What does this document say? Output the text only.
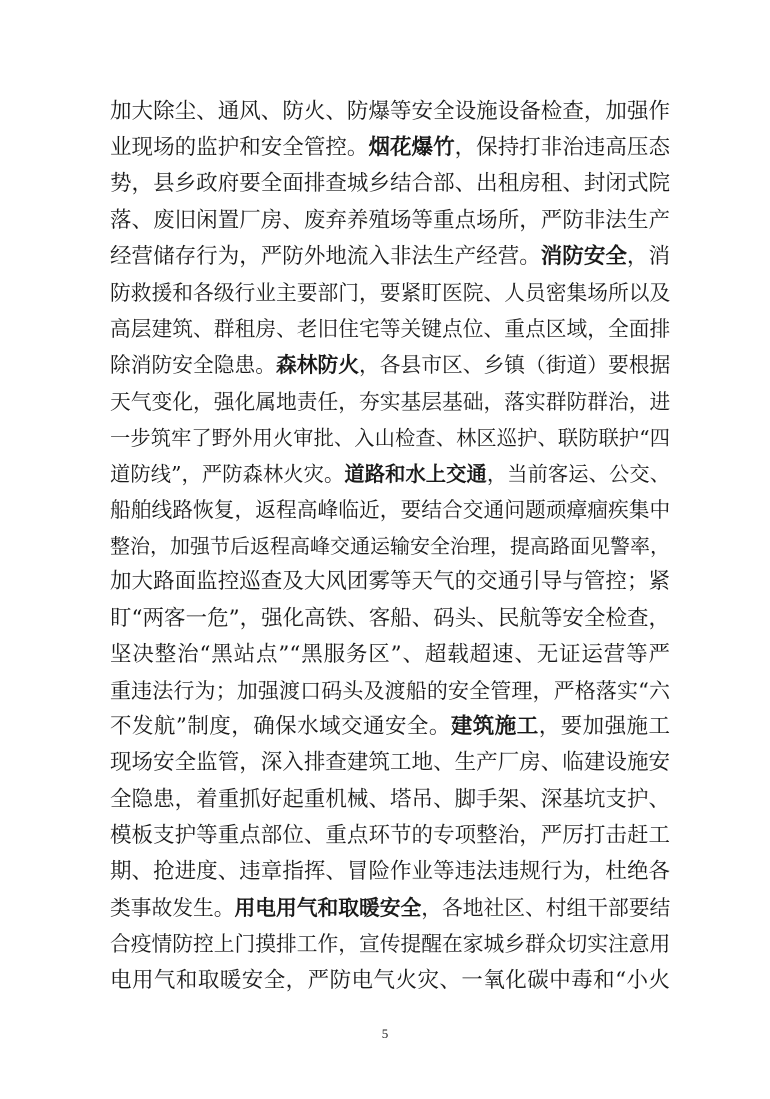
加大除尘、通风、防火、防爆等安全设施设备检查，加强作
业现场的监护和安全管控。烟花爆竹，保持打非治违高压态
势，县乡政府要全面排查城乡结合部、出租房租、封闭式院
落、废旧闲置厂房、废弃养殖场等重点场所，严防非法生产
经营储存行为，严防外地流入非法生产经营。消防安全，消
防救援和各级行业主要部门，要紧盯医院、人员密集场所以及
高层建筑、群租房、老旧住宅等关键点位、重点区域，全面排
除消防安全隐患。森林防火，各县市区、乡镇（街道）要根据
天气变化，强化属地责任，夯实基层基础，落实群防群治，进
一步筑牢了野外用火审批、入山检查、林区巡护、联防联护“四
道防线”，严防森林火灾。道路和水上交通，当前客运、公交、
船舶线路恢复，返程高峰临近，要结合交通问题顽瘴痼疾集中
整治，加强节后返程高峰交通运输安全治理，提高路面见警率，
加大路面监控巡查及大风团雾等天气的交通引导与管控；紧
盯“两客一危”，强化高铁、客船、码头、民航等安全检查，
坚决整治“黑站点”“黑服务区”、超载超速、无证运营等严
重违法行为；加强渡口码头及渡船的安全管理，严格落实“六
不发航”制度，确保水域交通安全。建筑施工，要加强施工
现场安全监管，深入排查建筑工地、生产厂房、临建设施安
全隐患，着重抓好起重机械、塔吊、脚手架、深基坑支护、
模板支护等重点部位、重点环节的专项整治，严厉打击赶工
期、抢进度、违章指挥、冒险作业等违法违规行为，杜绝各
类事故发生。用电用气和取暖安全，各地社区、村组干部要结
合疫情防控上门摸排工作，宣传提醒在家城乡群众切实注意用
电用气和取暖安全，严防电气火灾、一氧化碳中毒和“小火
5
